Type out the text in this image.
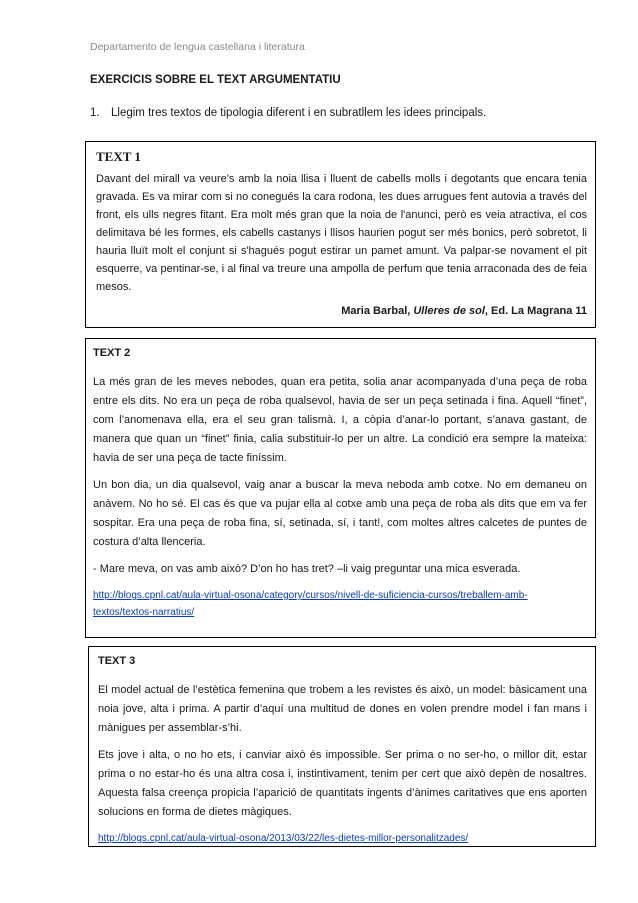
Departamento de lengua castellana i literatura
EXERCICIS SOBRE EL TEXT ARGUMENTATIU
1. Llegim tres textos de tipologia diferent i en subratllem les idees principals.
TEXT 1

Davant del mirall va veure's amb la noia llisa i lluent de cabells molls i degotants que encara tenia gravada. Es va mirar com si no conegués la cara rodona, les dues arrugues fent autovia a través del front, els ulls negres fitant. Era molt més gran que la noia de l'anunci, però es veia atractiva, el cos delimitava bé les formes, els cabells castanys i llisos haurien pogut ser més bonics, però sobretot, li hauria lluït molt el conjunt si s'hagués pogut estirar un pamet amunt. Va palpar-se novament el pit esquerre, va pentinar-se, i al final va treure una ampolla de perfum que tenia arraconada des de feia mesos.

Maria Barbal, Ulleres de sol, Ed. La Magrana 11
TEXT 2

La més gran de les meves nebodes, quan era petita, solia anar acompanyada d’una peça de roba entre els dits. No era un peça de roba qualsevol, havia de ser un peça setinada i fina. Aquell “finet”, com l’anomenava ella, era el seu gran talismà. I, a còpia d’anar-lo portant, s’anava gastant, de manera que quan un “finet” finia, calia substituir-lo per un altre. La condició era sempre la mateixa: havia de ser una peça de tacte finíssim.

Un bon dia, un dia qualsevol, vaig anar a buscar la meva neboda amb cotxe. No em demaneu on anàvem. No ho sé. El cas és que va pujar ella al cotxe amb una peça de roba als dits que em va fer sospitar. Era una peça de roba fina, sí, setinada, sí, i tant!, com moltes altres calcetes de puntes de costura d’alta llenceria.

- Mare meva, on vas amb això? D’on ho has tret? –li vaig preguntar una mica esverada.

http://blogs.cpnl.cat/aula-virtual-osona/category/cursos/nivell-de-suficiencia-cursos/treballem-amb-textos/textos-narratius/

TEXT 3

El model actual de l’estètica femenina que trobem a les revistes és això, un model: bàsicament una noia jove, alta i prima. A partir d’aquí una multitud de dones en volen prendre model i fan mans i mànigues per assemblar-s’hi.

Ets jove i alta, o no ho ets, i canviar això és impossible. Ser prima o no ser-ho, o millor dit, estar prima o no estar-ho és una altra cosa i, instintivament, tenim per cert que això depèn de nosaltres. Aquesta falsa creença propicia l’aparició de quantitats ingents d’ànimes caritatives que ens aporten solucions en forma de dietes màgiques.

http://blogs.cpnl.cat/aula-virtual-osona/2013/03/22/les-dietes-millor-personalitzades/
